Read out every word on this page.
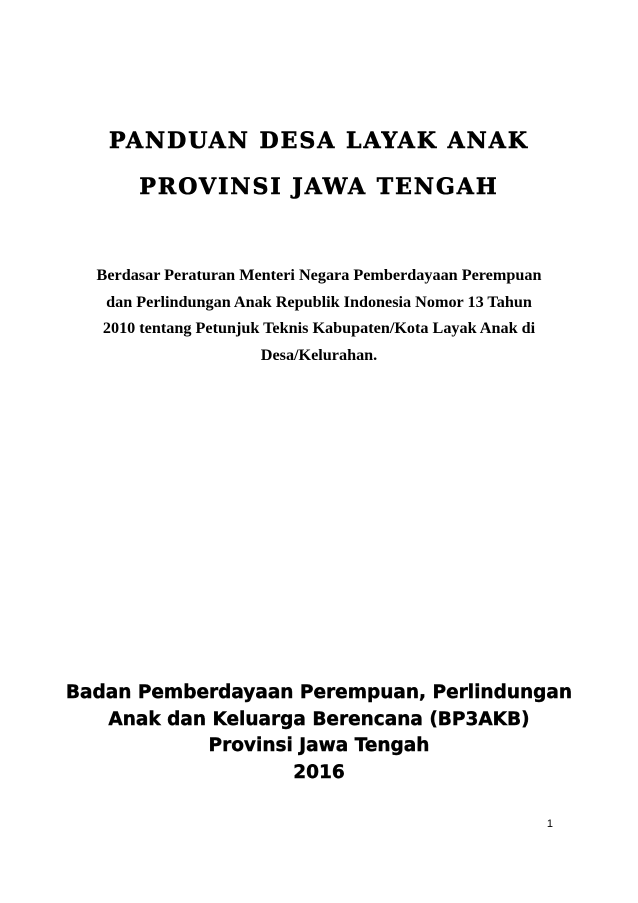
PANDUAN DESA LAYAK ANAK
PROVINSI JAWA TENGAH
Berdasar Peraturan Menteri Negara Pemberdayaan Perempuan
dan Perlindungan Anak Republik Indonesia Nomor 13 Tahun
2010 tentang Petunjuk Teknis Kabupaten/Kota Layak Anak di
Desa/Kelurahan.
Badan Pemberdayaan Perempuan, Perlindungan
Anak dan Keluarga Berencana (BP3AKB)
Provinsi Jawa Tengah
2016
1
